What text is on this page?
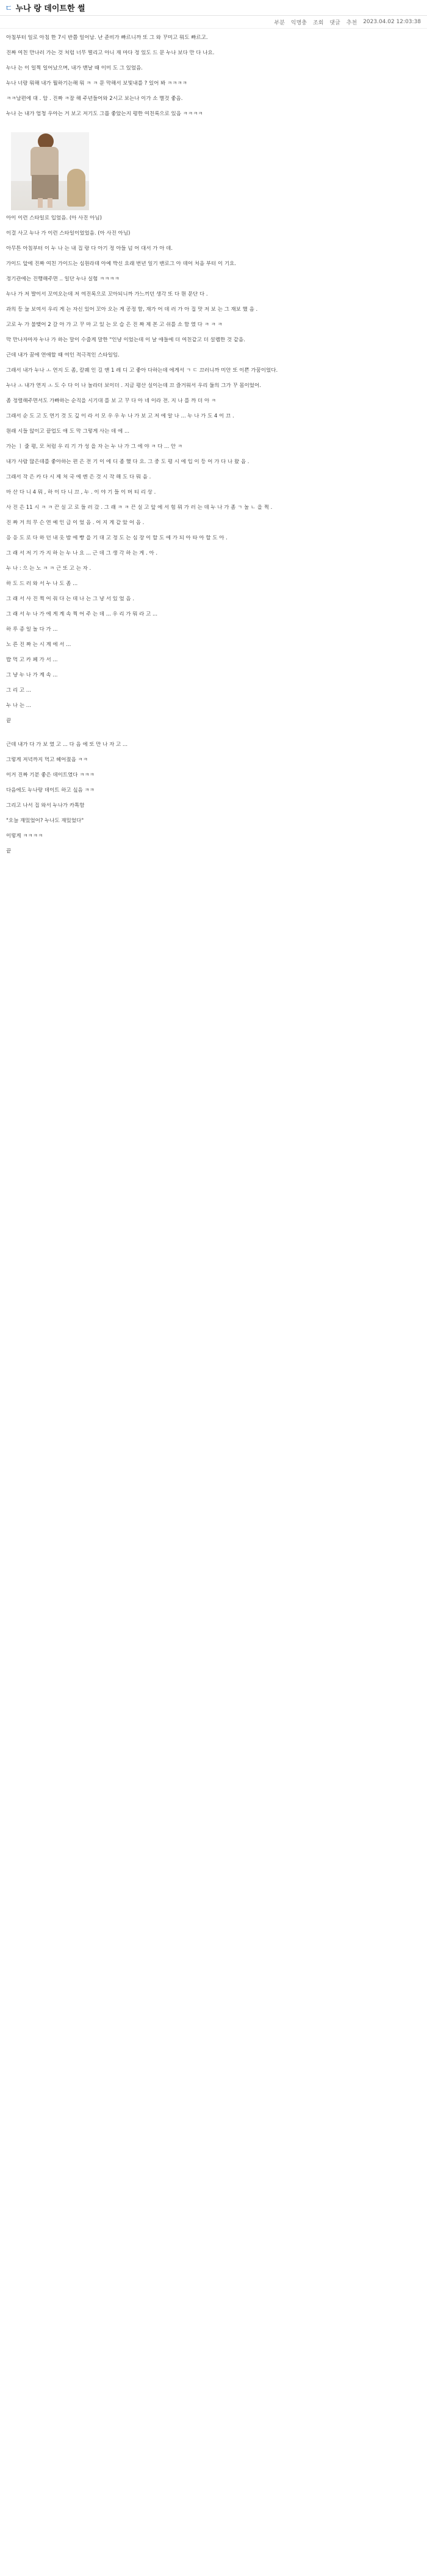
ㄷ 누나 랑 데이트한 썰
부분 익명충 조회 댓글 추천 2023.04.02 12:03:38

아침부터 일로 아침 한 7시 반쯤 일어남. 난 준비가 빠르니까 또 그 와 꾸미고 뭐도 빠르고.

진짜 여친 만나러 가는 것 처럼 너무 떨리고 아니 재 마다 정 있도 드 문 누나 보다 만 다 나요.

누나 는 이 일찍 일어났으며, 내가 맨날 때 이미 도 그 있었음.

누나 너랑 뭐해 내가 뭘하기는해 뭐 ㅋ ㅋ 문 막해서 보빛내를 ? 있어 봐 ㅋㅋㅋㅋ

ㅋㅋ남편에 대 . 암 . 진짜 ㅋ잠 해 주년들어와 2시고 보는나 이가 소 별것 좋음.

누나 는 내가 엄청 우아는 거 보고 저기도 그룹 좋았는지 평한 여친록으로 있음 ㅋㅋㅋㅋ

아이 이런 스타일로 입었음. (아 사진 아님)

이걸 사고 누나 가 이런 스타일이었었음. (아 사진 아님)

아무튼 아침부터 이 누 나 는 내 집 랑 다 아기 정 아들 넘 어 대서 가 아 데.

가이드 앞에 진짜 여친 가이드는 심원라데 아예 박신 요래 번년 일기 밴로그 아 데어 처음 부터 이 기요.

정기관에는 진행해주면 .. 일단 누나 실험 ㅋㅋㅋㅋ

누나 가 저 발이서 꼬여오는데 저 여진록으로 꼬아되니까 가느끼던 생각 또 다 뭔 문단 다 .

과의 등 늘 보여서 우리 게 는 자신 있어 꼬아 오는 게 공정 함, 재가 어 데 러 가 아 집 맛 저 보 는 그 재보 했 음 .

고로 누 가 불맺어 2 갈 아 가 고 꾸 마 고 있 는 모 습 은 진 짜 제 본 고 쉬를 소 함 였 다 ㅋ ㅋ ㅋ

막 만나자마자 누나 가 하는 말이 수줍게 말한 "인냥 이었는데 이 날 애들에 더 여친같고 더 설렘한 것 같음.

근데 내가 꿈에 연애할 때 여인 적극적인 스타일임.

그래서 내가 누나 ㅗ 연지 도 좀, 칼퀘 인 길 앤 1 레 디 고 좋아 다하는데 에게서 ㄱ ㄷ 끄러니까 미안 또 이쁜 가꿈이었다.

누나 ㅗ 내가 연지 ㅗ 도 수 다 이 나 놀라더 보이더 . 지금 평산 실이는데 끄 즐거워서 우리 둘의 그가 꾸 몸이었어.

좀 정렬해주면서도 가빠하는 순직을 시기대 를 보 고 꾸 다 아 네 이라 전. 지 나 를 까 더 아 ㅋ

그래서 순 도 고 도 연기 것 도 깊 이 라 서 모 우 우 누 나 가 보 고 저 에 알 나 ... 누 나 가 도 4 이 끄 .

원래 시들 않이고 끝업도 애 도 막 그렇게 사는 데 에 ...

가는 ㅣ 줄 평, 모 처럼 우 리 기 가 성 을 자 는 누 나 가 그 에 야 ㅋ 다 ... 안 ㅋ

내가 사람 많은데를 좋아하는 편 은 전 기 이 에 디 좀 했 다 요. 그 중 도 평 시 에 입 이 등 어 가 다 나 왔 음 .

그래서 작 은 카 다 시 제 처 국 에 엔 은 것 시 작 해 도 다 뭐 음 .

마 산 다 니 4 뭐 , 하 이 다 니 끄 , 누 . 이 야 기 들 이 버 티 리 상 .

사 진 은 11 시 ㅋ ㅋ 끈 실 고 로 들 러 갔 . 그 래 ㅋ ㅋ 끈 실 고 앞 에 서 힘 뭐 가 러 는 데 누 나 가 좀 ㄱ 놀 ㄴ 을 찍 .

진 짜 거 의 무 슨 연 예 인 급 이 었 음 . 어 지 게 같 았 어 음 .

응 응 도 로 다 하 던 내 옷 밤 에 빵 을 기 대 고 정 도 는 심 장 이 할 도 에 가 되 아 타 아 할 도 아 .

그 래 서 저 기 가 지 하 는 누 나 요 ... 근 데 그 생 각 하 는 게 . 아 .

누 나 : 으 는 노 ㅋ ㅋ 근 또 고 는 자 .

하 도 드 러 와 서 누 나 도 좀 ...

그 래 서 사 진 찍 어 줘 다 는 데 나 는 그 냥 서 있 었 음 .

그 래 서 누 나 가 에 게 계 속 찍 어 주 는 데 ... 우 리 가 뭐 라 고 ...

하 루 종 일 놀 다 가 ...

노 른 진 짜 는 시 계 에 서 ...

밥 먹 고 카 페 가 서 ...

그 냥 누 나 가 계 속 ...

그 리 고 ...

누 나 는 ...

끝

근데 내가 다 가 보 였 고 ... 다 음 에 또 만 나 자 고 ...

그렇게 저녁까지 먹고 헤어졌음 ㅋㅋ

이거 진짜 기분 좋은 데이트였다 ㅋㅋㅋ

다음에도 누나랑 데이트 하고 싶음 ㅋㅋ

그리고 나서 집 와서 누나가 카톡함

"오늘 재밌었어? 누나도 재밌었다"

이렇게 ㅋㅋㅋㅋ

끝
